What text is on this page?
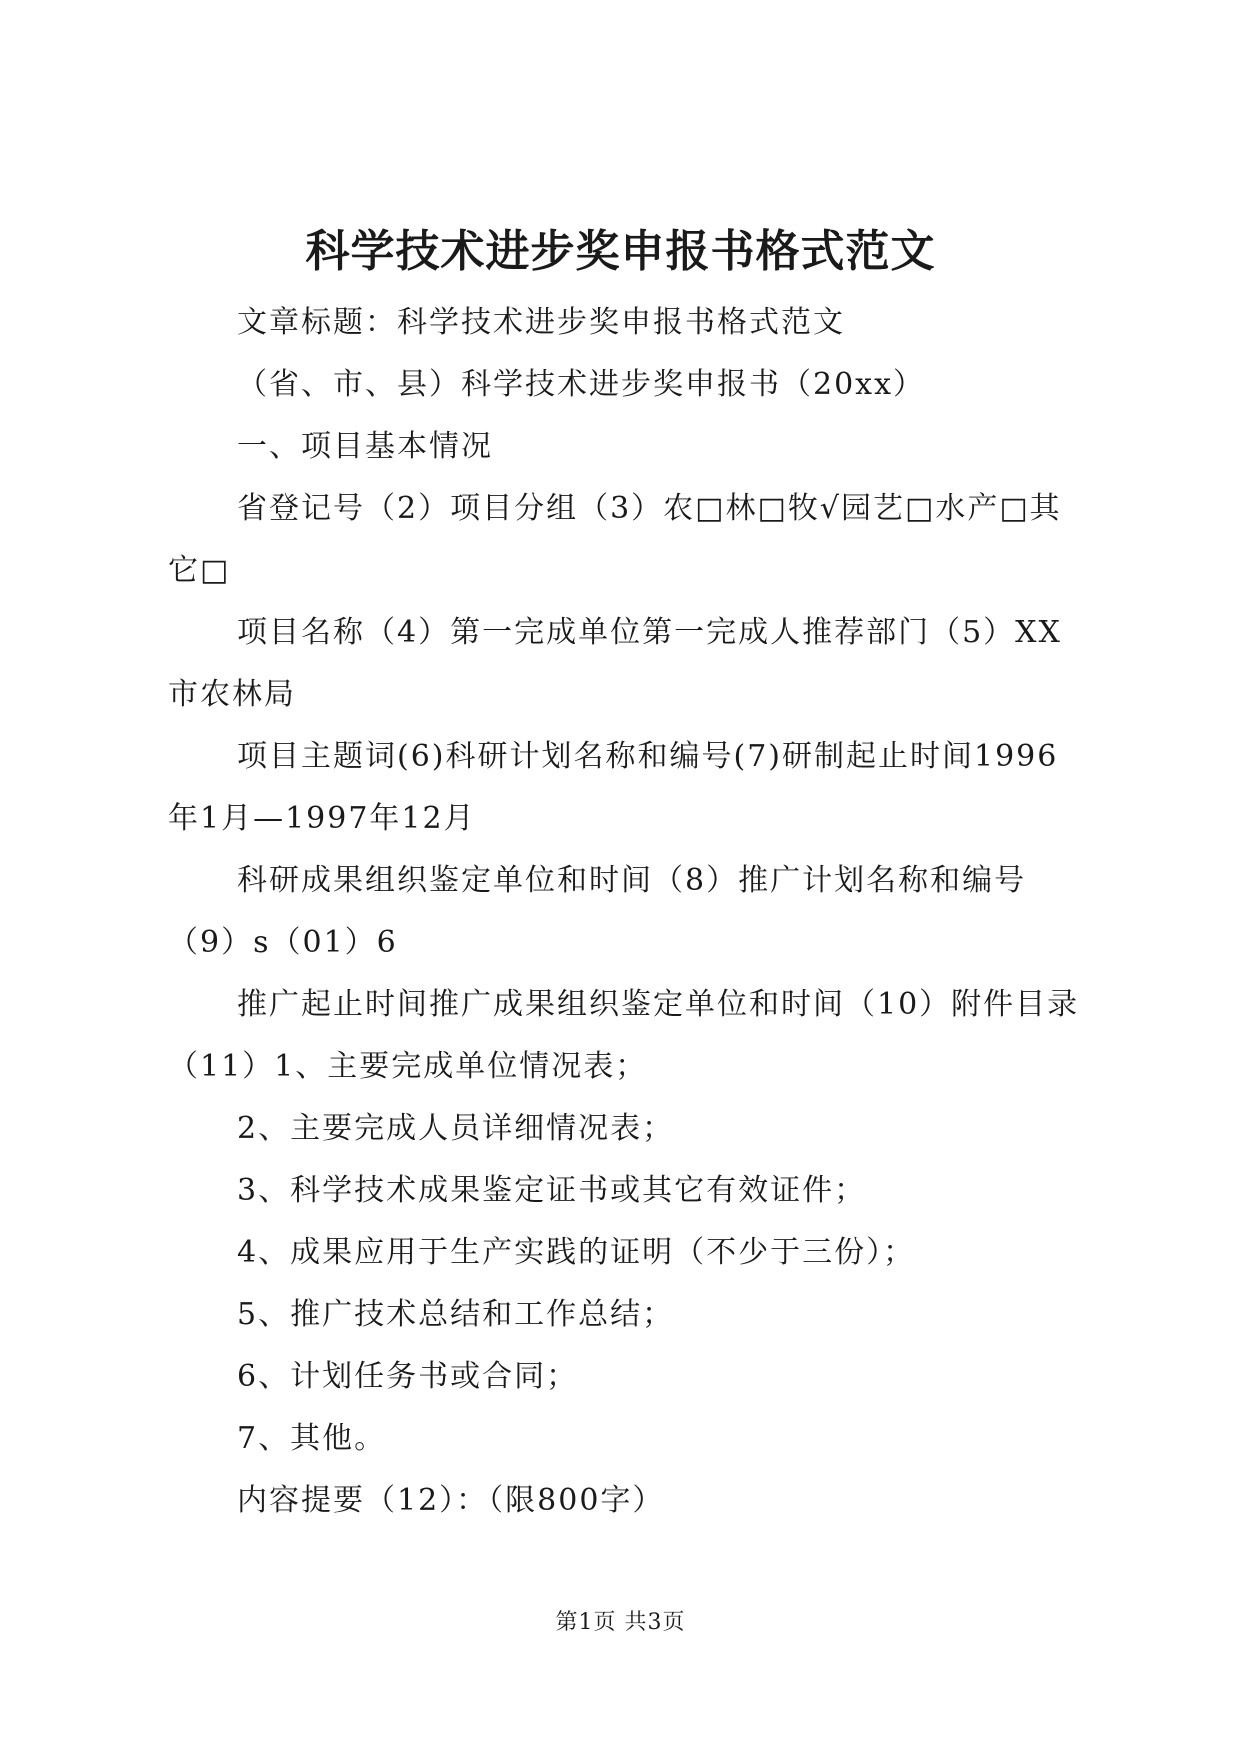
科学技术进步奖申报书格式范文

文章标题：科学技术进步奖申报书格式范文

（省、市、县）科学技术进步奖申报书（20xx）

一、项目基本情况

省登记号（2）项目分组（3）农□林□牧√园艺□水产□其它□

项目名称（4）第一完成单位第一完成人推荐部门（5）XX市农林局

项目主题词(6)科研计划名称和编号(7)研制起止时间1996年1月—1997年12月

科研成果组织鉴定单位和时间（8）推广计划名称和编号（9）s（01）6

推广起止时间推广成果组织鉴定单位和时间（10）附件目录（11）1、主要完成单位情况表；

2、主要完成人员详细情况表；

3、科学技术成果鉴定证书或其它有效证件；

4、成果应用于生产实践的证明（不少于三份）；

5、推广技术总结和工作总结；

6、计划任务书或合同；

7、其他。

内容提要（12）：（限800字）

第1页 共3页
